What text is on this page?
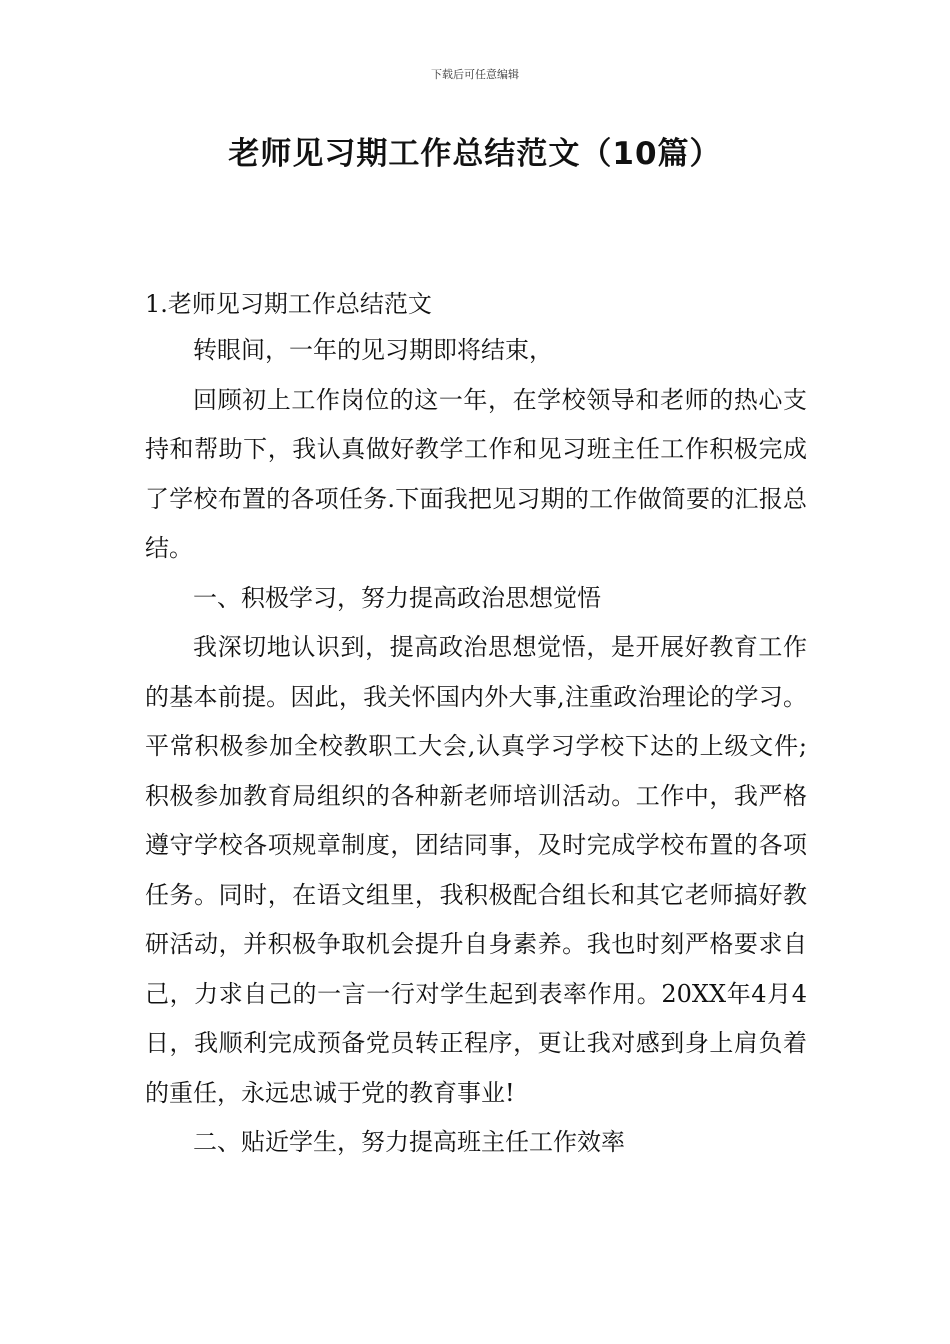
下载后可任意编辑
老师见习期工作总结范文（10篇）
1.老师见习期工作总结范文

转眼间，一年的见习期即将结束，

回顾初上工作岗位的这一年，在学校领导和老师的热心支持和帮助下，我认真做好教学工作和见习班主任工作积极完成了学校布置的各项任务.下面我把见习期的工作做简要的汇报总结。

一、积极学习，努力提高政治思想觉悟

我深切地认识到，提高政治思想觉悟，是开展好教育工作的基本前提。因此，我关怀国内外大事,注重政治理论的学习。平常积极参加全校教职工大会,认真学习学校下达的上级文件;积极参加教育局组织的各种新老师培训活动。工作中，我严格遵守学校各项规章制度，团结同事，及时完成学校布置的各项任务。同时，在语文组里，我积极配合组长和其它老师搞好教研活动，并积极争取机会提升自身素养。我也时刻严格要求自己，力求自己的一言一行对学生起到表率作用。20XX年4月4日，我顺利完成预备党员转正程序，更让我对感到身上肩负着的重任，永远忠诚于党的教育事业!

二、贴近学生，努力提高班主任工作效率
